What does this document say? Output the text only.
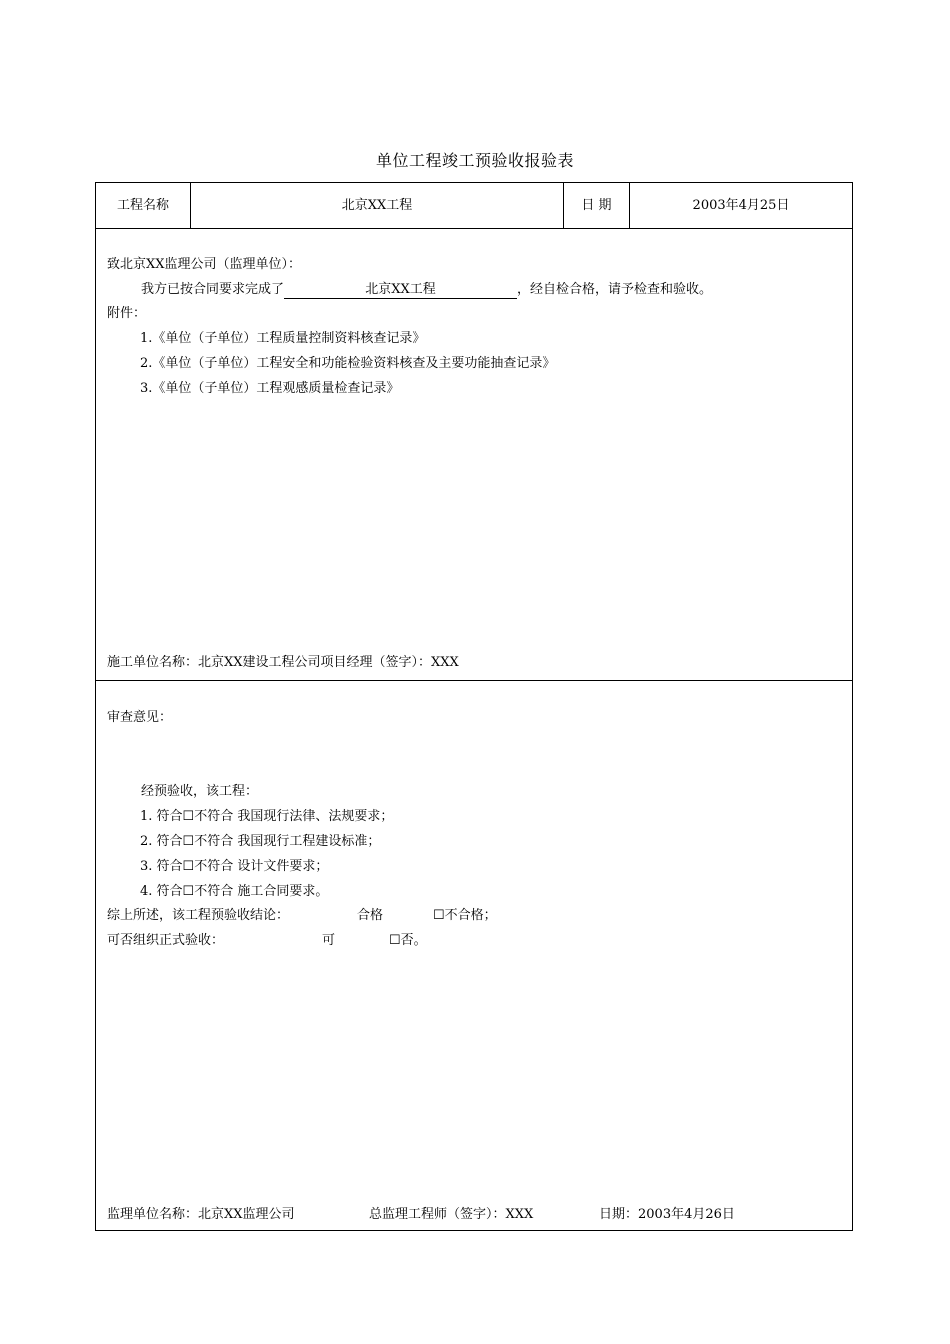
单位工程竣工预验收报验表
工程名称	北京XX工程	日 期	2003年4月25日
致北京XX监理公司（监理单位）：
我方已按合同要求完成了	北京XX工程	，经自检合格，请予检查和验收。
附件：
1.《单位（子单位）工程质量控制资料核查记录》
2.《单位（子单位）工程安全和功能检验资料核查及主要功能抽查记录》
3.《单位（子单位）工程观感质量检查记录》
施工单位名称：北京XX建设工程公司项目经理（签字）：XXX
审查意见：
经预验收，该工程：
1. 符合☐不符合 我国现行法律、法规要求；
2. 符合☐不符合 我国现行工程建设标准；
3. 符合☐不符合 设计文件要求；
4. 符合☐不符合 施工合同要求。
综上所述，该工程预验收结论：	合格	☐不合格；
可否组织正式验收：	可	☐否。
监理单位名称：北京XX监理公司	总监理工程师（签字）：XXX	日期：2003年4月26日
